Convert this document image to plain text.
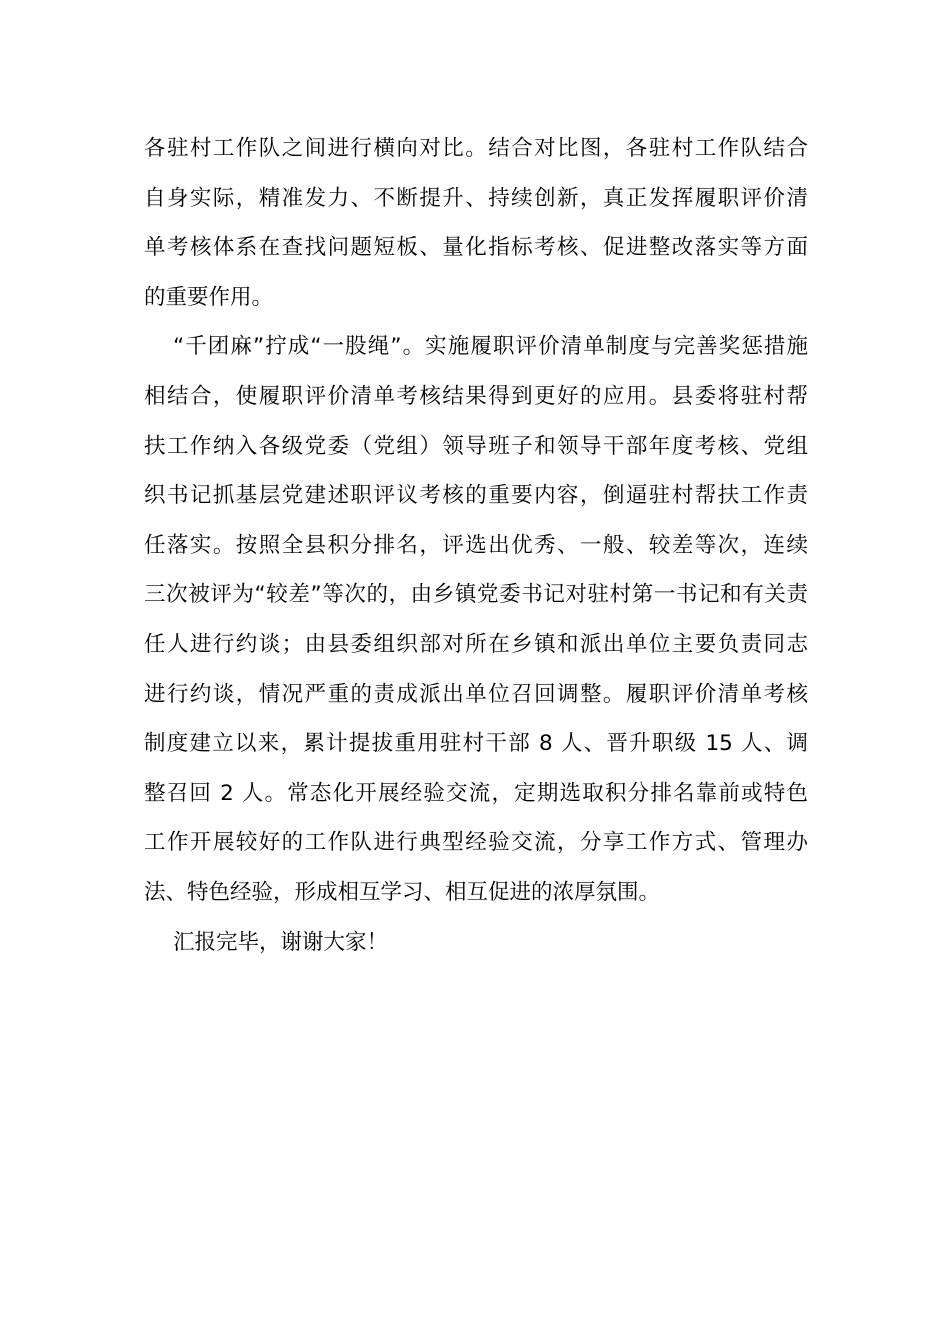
各驻村工作队之间进行横向对比。结合对比图，各驻村工作队结合
自身实际，精准发力、不断提升、持续创新，真正发挥履职评价清
单考核体系在查找问题短板、量化指标考核、促进整改落实等方面
的重要作用。
“千团麻”拧成“一股绳”。实施履职评价清单制度与完善奖惩措施
相结合，使履职评价清单考核结果得到更好的应用。县委将驻村帮
扶工作纳入各级党委（党组）领导班子和领导干部年度考核、党组
织书记抓基层党建述职评议考核的重要内容，倒逼驻村帮扶工作责
任落实。按照全县积分排名，评选出优秀、一般、较差等次，连续
三次被评为“较差”等次的，由乡镇党委书记对驻村第一书记和有关责
任人进行约谈；由县委组织部对所在乡镇和派出单位主要负责同志
进行约谈，情况严重的责成派出单位召回调整。履职评价清单考核
制度建立以来，累计提拔重用驻村干部 8 人、晋升职级 15 人、调
整召回 2 人。常态化开展经验交流，定期选取积分排名靠前或特色
工作开展较好的工作队进行典型经验交流，分享工作方式、管理办
法、特色经验，形成相互学习、相互促进的浓厚氛围。
汇报完毕，谢谢大家！
